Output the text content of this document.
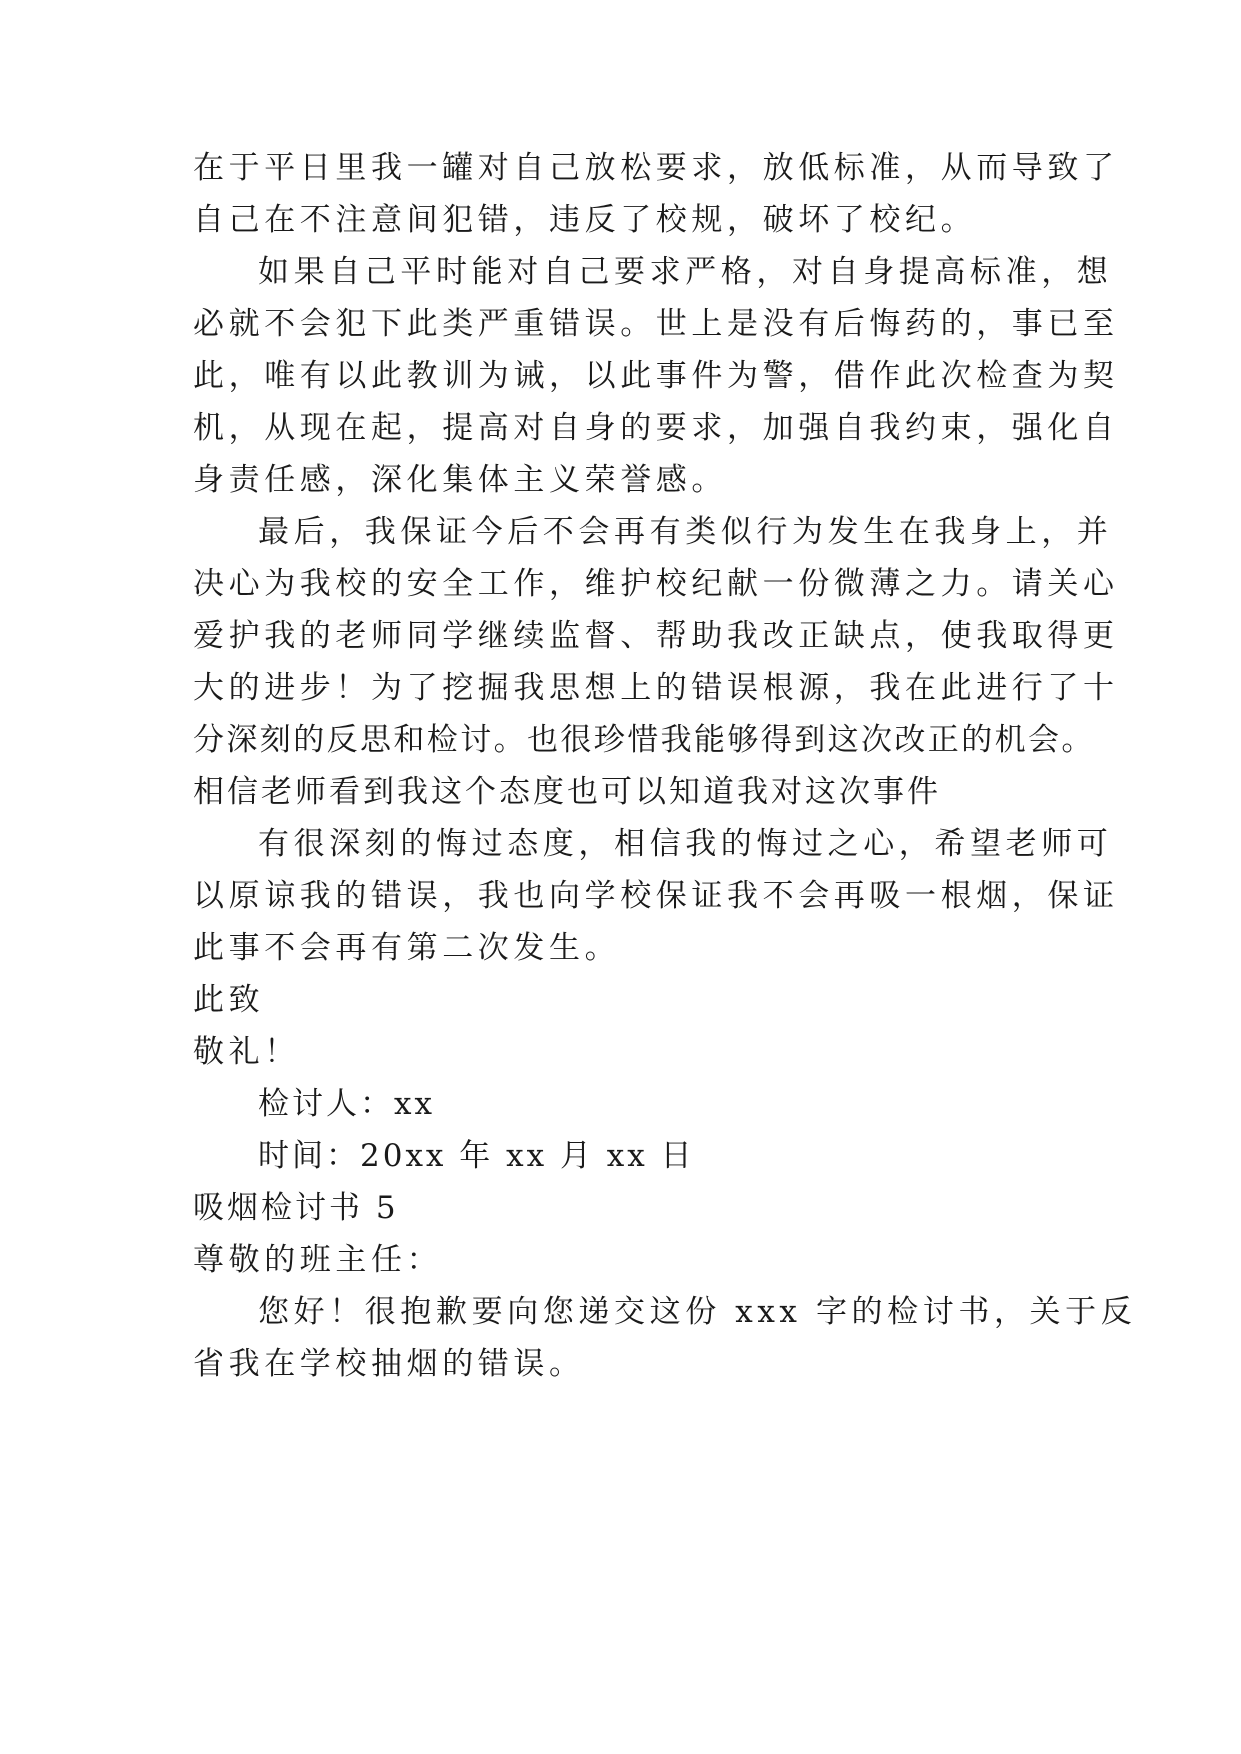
在于平日里我一罐对自己放松要求，放低标准，从而导致了
自己在不注意间犯错，违反了校规，破坏了校纪。
如果自己平时能对自己要求严格，对自身提高标准，想
必就不会犯下此类严重错误。世上是没有后悔药的，事已至
此，唯有以此教训为诫，以此事件为警，借作此次检查为契
机，从现在起，提高对自身的要求，加强自我约束，强化自
身责任感，深化集体主义荣誉感。
最后，我保证今后不会再有类似行为发生在我身上，并
决心为我校的安全工作，维护校纪献一份微薄之力。请关心
爱护我的老师同学继续监督、帮助我改正缺点，使我取得更
大的进步！为了挖掘我思想上的错误根源，我在此进行了十
分深刻的反思和检讨。也很珍惜我能够得到这次改正的机会。
相信老师看到我这个态度也可以知道我对这次事件
有很深刻的悔过态度，相信我的悔过之心，希望老师可
以原谅我的错误，我也向学校保证我不会再吸一根烟，保证
此事不会再有第二次发生。
此致
敬礼！
检讨人：xx
时间：20xx 年 xx 月 xx 日
吸烟检讨书 5
尊敬的班主任：
您好！很抱歉要向您递交这份 xxx 字的检讨书，关于反
省我在学校抽烟的错误。
